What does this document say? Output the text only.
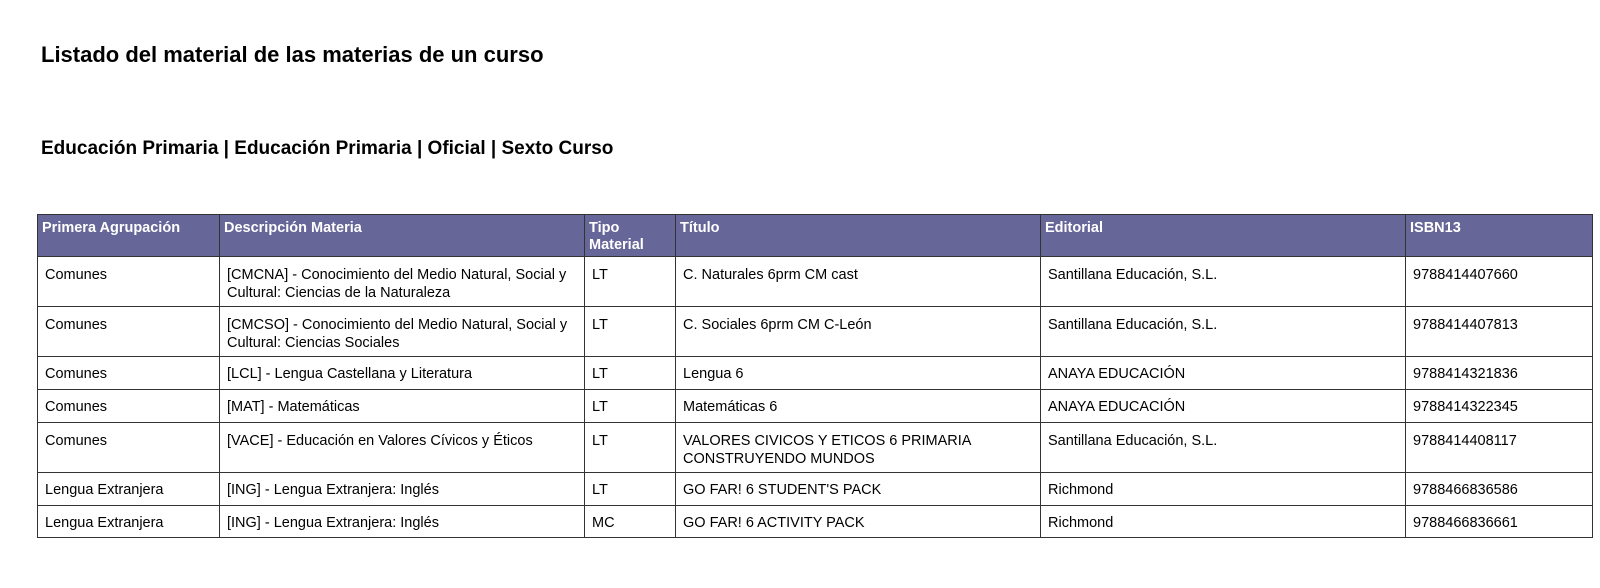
Listado del material de las materias de un curso
Educación Primaria | Educación Primaria | Oficial | Sexto Curso
Primera Agrupación	Descripción Materia	Tipo Material	Título	Editorial	ISBN13
Comunes	[CMCNA] - Conocimiento del Medio Natural, Social y Cultural: Ciencias de la Naturaleza	LT	C. Naturales 6prm CM cast	Santillana Educación, S.L.	9788414407660
Comunes	[CMCSO] - Conocimiento del Medio Natural, Social y Cultural: Ciencias Sociales	LT	C. Sociales 6prm CM C-León	Santillana Educación, S.L.	9788414407813
Comunes	[LCL] - Lengua Castellana y Literatura	LT	Lengua 6	ANAYA EDUCACIÓN	9788414321836
Comunes	[MAT] - Matemáticas	LT	Matemáticas 6	ANAYA EDUCACIÓN	9788414322345
Comunes	[VACE] - Educación en Valores Cívicos y Éticos	LT	VALORES CIVICOS Y ETICOS 6 PRIMARIA CONSTRUYENDO MUNDOS	Santillana Educación, S.L.	9788414408117
Lengua Extranjera	[ING] - Lengua Extranjera: Inglés	LT	GO FAR! 6 STUDENT'S PACK	Richmond	9788466836586
Lengua Extranjera	[ING] - Lengua Extranjera: Inglés	MC	GO FAR! 6 ACTIVITY PACK	Richmond	9788466836661
